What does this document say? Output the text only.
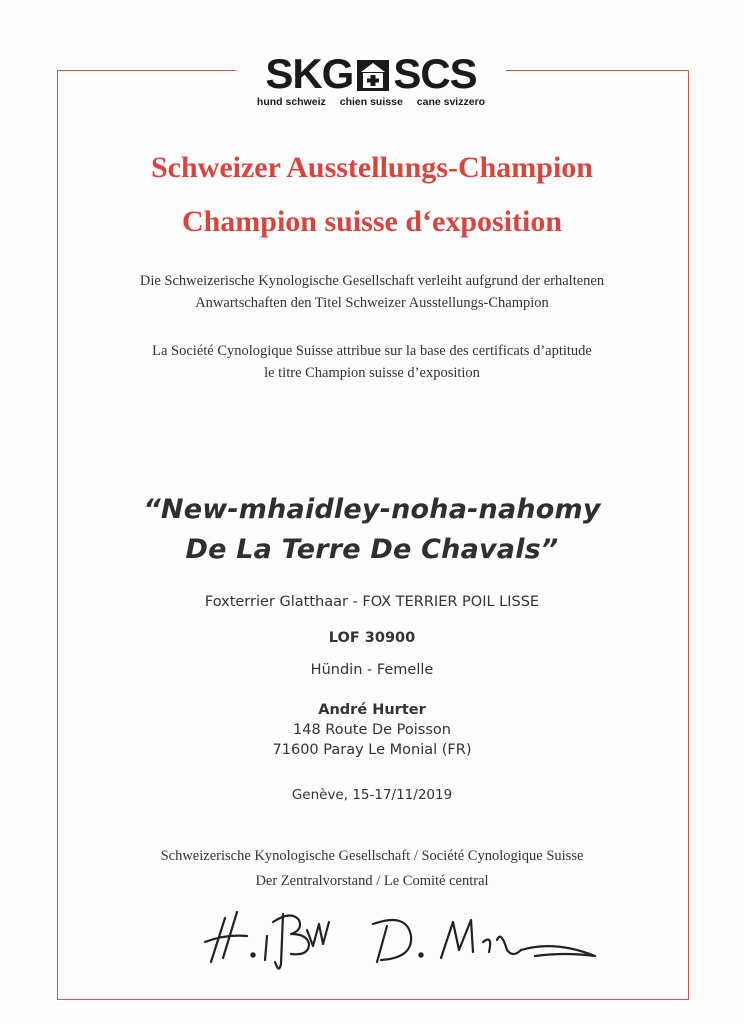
SKG SCS
hund schweiz chien suisse cane svizzero
Schweizer Ausstellungs-Champion
Champion suisse d‘exposition
Die Schweizerische Kynologische Gesellschaft verleiht aufgrund der erhaltenen
Anwartschaften den Titel Schweizer Ausstellungs-Champion
La Société Cynologique Suisse attribue sur la base des certificats d’aptitude
le titre Champion suisse d’exposition
“New-mhaidley-noha-nahomy
De La Terre De Chavals”
Foxterrier Glatthaar - FOX TERRIER POIL LISSE
LOF 30900
Hündin - Femelle
André Hurter
148 Route De Poisson
71600 Paray Le Monial (FR)
Genève, 15-17/11/2019
Schweizerische Kynologische Gesellschaft / Société Cynologique Suisse
Der Zentralvorstand / Le Comité central
